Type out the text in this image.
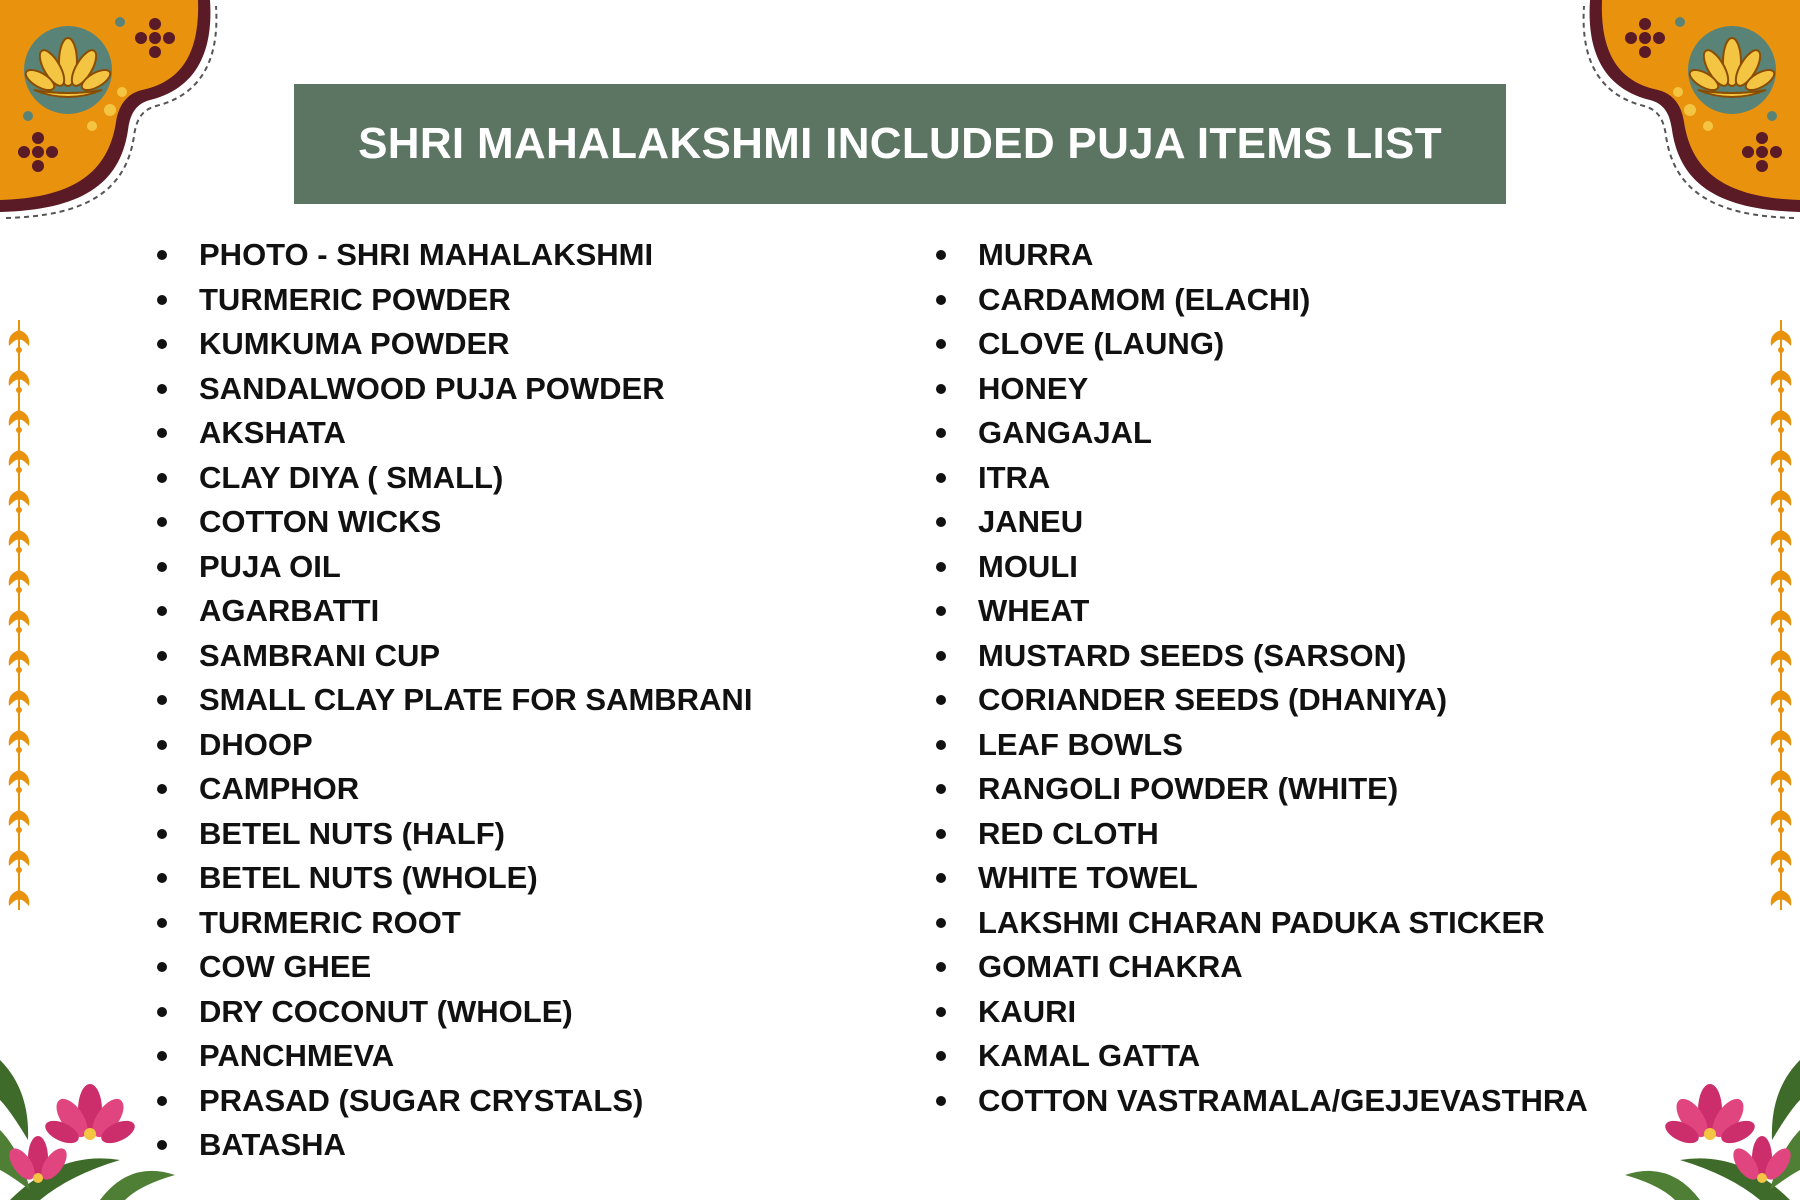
SHRI MAHALAKSHMI INCLUDED PUJA ITEMS LIST
PHOTO - SHRI MAHALAKSHMI
TURMERIC POWDER
KUMKUMA POWDER
SANDALWOOD PUJA POWDER
AKSHATA
CLAY DIYA ( SMALL)
COTTON WICKS
PUJA OIL
AGARBATTI
SAMBRANI CUP
SMALL CLAY PLATE FOR SAMBRANI
DHOOP
CAMPHOR
BETEL NUTS (HALF)
BETEL NUTS (WHOLE)
TURMERIC ROOT
COW GHEE
DRY COCONUT (WHOLE)
PANCHMEVA
PRASAD (SUGAR CRYSTALS)
BATASHA
MURRA
CARDAMOM (ELACHI)
CLOVE (LAUNG)
HONEY
GANGAJAL
ITRA
JANEU
MOULI
WHEAT
MUSTARD SEEDS (SARSON)
CORIANDER SEEDS (DHANIYA)
LEAF BOWLS
RANGOLI POWDER (WHITE)
RED CLOTH
WHITE TOWEL
LAKSHMI CHARAN PADUKA STICKER
GOMATI CHAKRA
KAURI
KAMAL GATTA
COTTON VASTRAMALA/GEJJEVASTHRA
